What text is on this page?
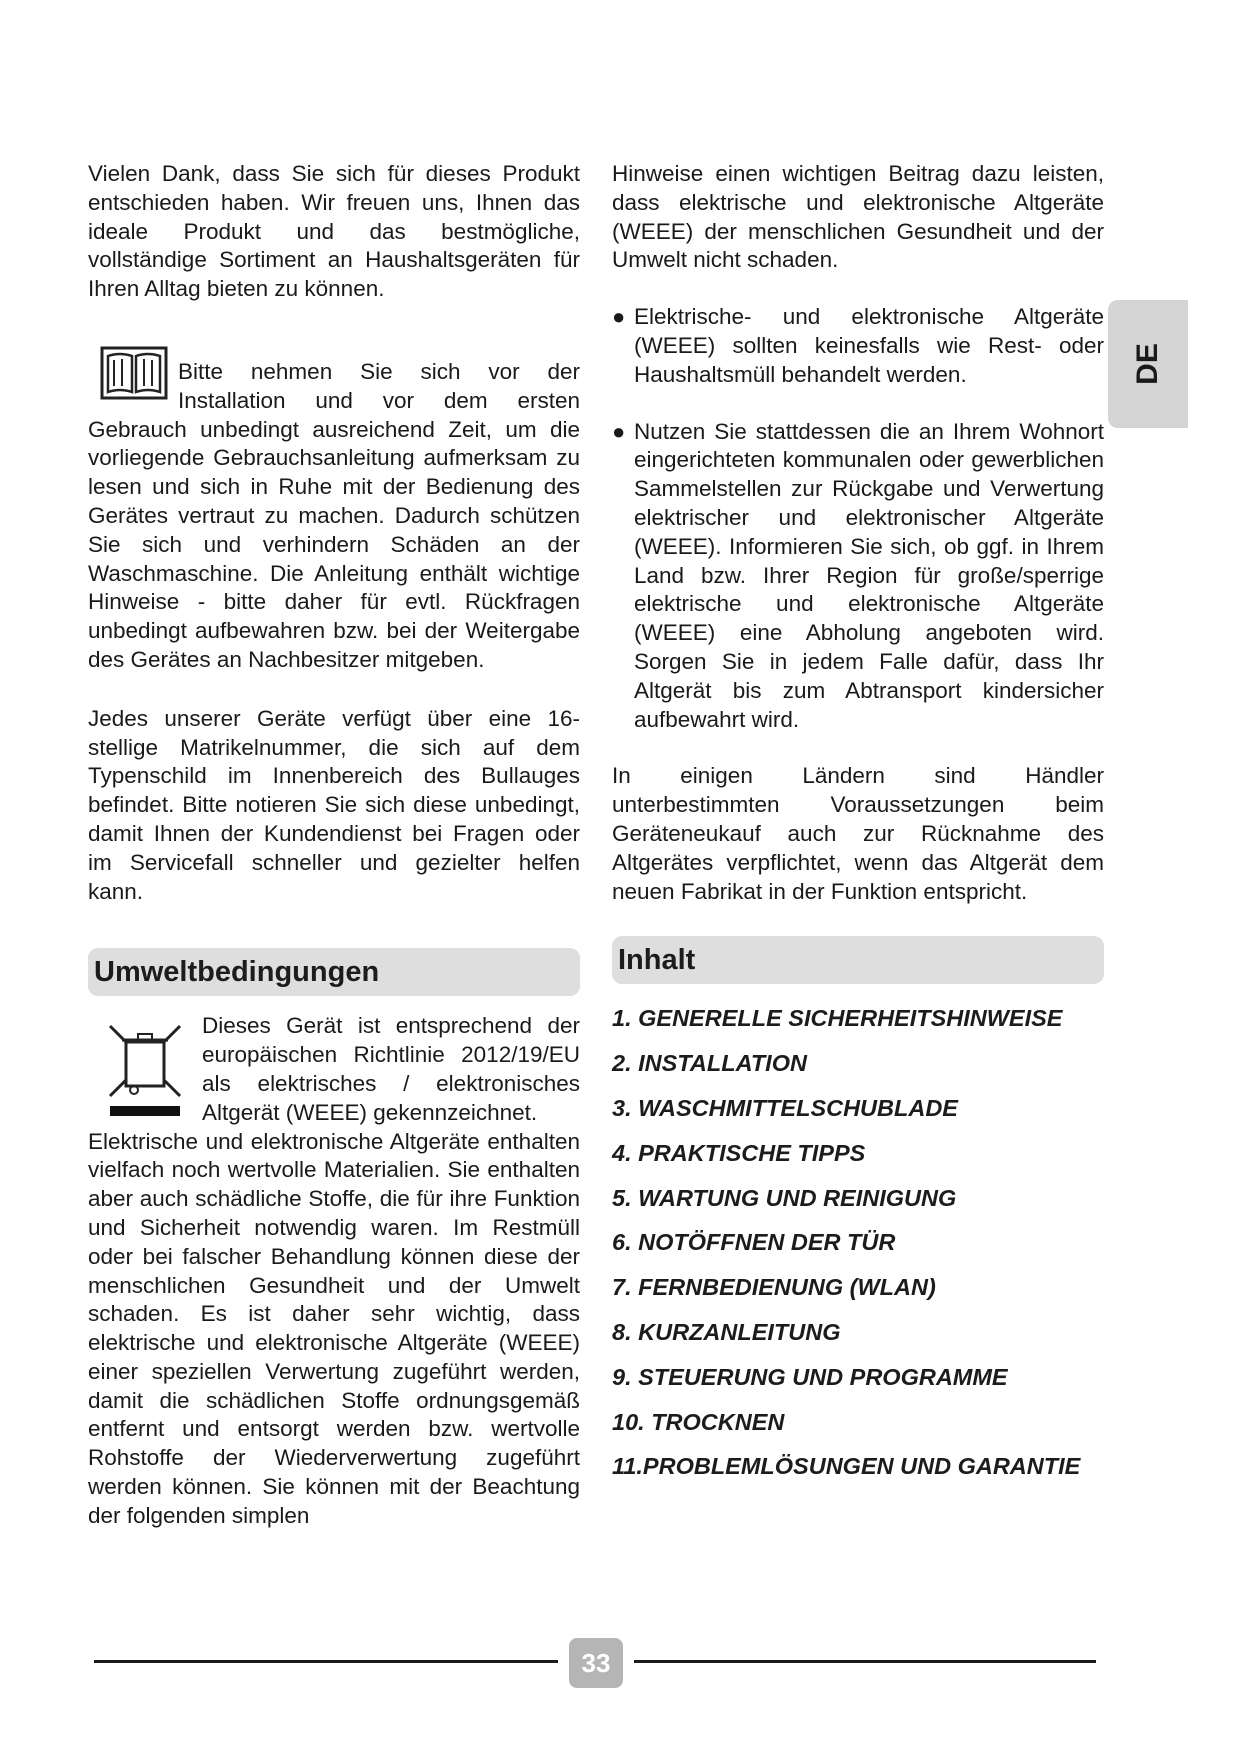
DE

Vielen Dank, dass Sie sich für dieses Produkt entschieden haben. Wir freuen uns, Ihnen das ideale Produkt und das bestmögliche, vollständige Sortiment an Haushaltsgeräten für Ihren Alltag bieten zu können.

Bitte nehmen Sie sich vor der Installation und vor dem ersten Gebrauch unbedingt ausreichend Zeit, um die vorliegende Gebrauchsanleitung aufmerksam zu lesen und sich in Ruhe mit der Bedienung des Gerätes vertraut zu machen. Dadurch schützen Sie sich und verhindern Schäden an der Waschmaschine. Die Anleitung enthält wichtige Hinweise - bitte daher für evtl. Rückfragen unbedingt aufbewahren bzw. bei der Weitergabe des Gerätes an Nachbesitzer mitgeben.

Jedes unserer Geräte verfügt über eine 16-stellige Matrikelnummer, die sich auf dem Typenschild im Innenbereich des Bullauges befindet. Bitte notieren Sie sich diese unbedingt, damit Ihnen der Kundendienst bei Fragen oder im Servicefall schneller und gezielter helfen kann.

Umweltbedingungen

Dieses Gerät ist entsprechend der europäischen Richtlinie 2012/19/EU als elektrisches / elektronisches Altgerät (WEEE) gekennzeichnet.

Elektrische und elektronische Altgeräte enthalten vielfach noch wertvolle Materialien. Sie enthalten aber auch schädliche Stoffe, die für ihre Funktion und Sicherheit notwendig waren. Im Restmüll oder bei falscher Behandlung können diese der menschlichen Gesundheit und der Umwelt schaden. Es ist daher sehr wichtig, dass elektrische und elektronische Altgeräte (WEEE) einer speziellen Verwertung zugeführt werden, damit die schädlichen Stoffe ordnungsgemäß entfernt und entsorgt werden bzw. wertvolle Rohstoffe der Wiederverwertung zugeführt werden können. Sie können mit der Beachtung der folgenden simplen

Hinweise einen wichtigen Beitrag dazu leisten, dass elektrische und elektronische Altgeräte (WEEE) der menschlichen Gesundheit und der Umwelt nicht schaden.

● Elektrische- und elektronische Altgeräte (WEEE) sollten keinesfalls wie Rest- oder Haushaltsmüll behandelt werden.

● Nutzen Sie stattdessen die an Ihrem Wohnort eingerichteten kommunalen oder gewerblichen Sammelstellen zur Rückgabe und Verwertung elektrischer und elektronischer Altgeräte (WEEE). Informieren Sie sich, ob ggf. in Ihrem Land bzw. Ihrer Region für große/sperrige elektrische und elektronische Altgeräte (WEEE) eine Abholung angeboten wird. Sorgen Sie in jedem Falle dafür, dass Ihr Altgerät bis zum Abtransport kindersicher aufbewahrt wird.

In einigen Ländern sind Händler unterbestimmten Voraussetzungen beim Geräteneukauf auch zur Rücknahme des Altgerätes verpflichtet, wenn das Altgerät dem neuen Fabrikat in der Funktion entspricht.

Inhalt
1. GENERELLE SICHERHEITSHINWEISE
2. INSTALLATION
3. WASCHMITTELSCHUBLADE
4. PRAKTISCHE TIPPS
5. WARTUNG UND REINIGUNG
6. NOTÖFFNEN DER TÜR
7. FERNBEDIENUNG (WLAN)
8. KURZANLEITUNG
9. STEUERUNG UND PROGRAMME
10. TROCKNEN
11.PROBLEMLÖSUNGEN UND GARANTIE
33
